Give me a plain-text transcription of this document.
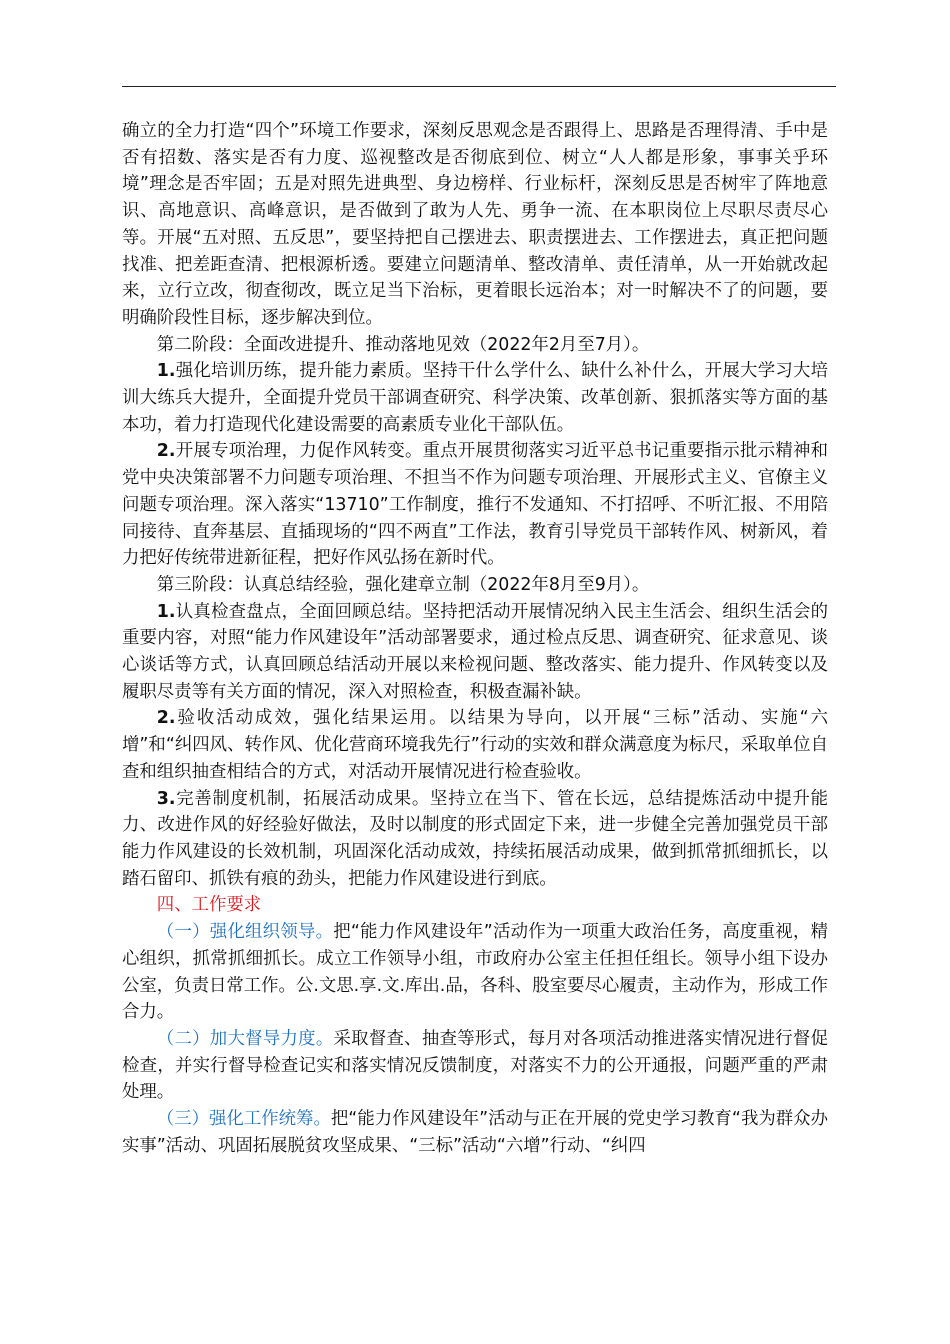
确立的全力打造“四个”环境工作要求，深刻反思观念是否跟得上、思路是否理得清、手中是否有招数、落实是否有力度、巡视整改是否彻底到位、树立“人人都是形象，事事关乎环境”理念是否牢固；五是对照先进典型、身边榜样、行业标杆，深刻反思是否树牢了阵地意识、高地意识、高峰意识，是否做到了敢为人先、勇争一流、在本职岗位上尽职尽责尽心等。开展“五对照、五反思”，要坚持把自己摆进去、职责摆进去、工作摆进去，真正把问题找准、把差距查清、把根源析透。要建立问题清单、整改清单、责任清单，从一开始就改起来，立行立改，彻查彻改，既立足当下治标，更着眼长远治本；对一时解决不了的问题，要明确阶段性目标，逐步解决到位。

第二阶段：全面改进提升、推动落地见效（2022年2月至7月）。

1.强化培训历练，提升能力素质。坚持干什么学什么、缺什么补什么，开展大学习大培训大练兵大提升，全面提升党员干部调查研究、科学决策、改革创新、狠抓落实等方面的基本功，着力打造现代化建设需要的高素质专业化干部队伍。

2.开展专项治理，力促作风转变。重点开展贯彻落实习近平总书记重要指示批示精神和党中央决策部署不力问题专项治理、不担当不作为问题专项治理、开展形式主义、官僚主义问题专项治理。深入落实“13710”工作制度，推行不发通知、不打招呼、不听汇报、不用陪同接待、直奔基层、直插现场的“四不两直”工作法，教育引导党员干部转作风、树新风，着力把好传统带进新征程，把好作风弘扬在新时代。

第三阶段：认真总结经验，强化建章立制（2022年8月至9月）。

1.认真检查盘点，全面回顾总结。坚持把活动开展情况纳入民主生活会、组织生活会的重要内容，对照“能力作风建设年”活动部署要求，通过检点反思、调查研究、征求意见、谈心谈话等方式，认真回顾总结活动开展以来检视问题、整改落实、能力提升、作风转变以及履职尽责等有关方面的情况，深入对照检查，积极查漏补缺。

2.验收活动成效，强化结果运用。以结果为导向，以开展“三标”活动、实施“六增”和“纠四风、转作风、优化营商环境我先行”行动的实效和群众满意度为标尺，采取单位自查和组织抽查相结合的方式，对活动开展情况进行检查验收。

3.完善制度机制，拓展活动成果。坚持立在当下、管在长远，总结提炼活动中提升能力、改进作风的好经验好做法，及时以制度的形式固定下来，进一步健全完善加强党员干部能力作风建设的长效机制，巩固深化活动成效，持续拓展活动成果，做到抓常抓细抓长，以踏石留印、抓铁有痕的劲头，把能力作风建设进行到底。

四、工作要求

（一）强化组织领导。把“能力作风建设年”活动作为一项重大政治任务，高度重视，精心组织，抓常抓细抓长。成立工作领导小组，市政府办公室主任担任组长。领导小组下设办公室，负责日常工作。公.文思.享.文.库出.品，各科、股室要尽心履责，主动作为，形成工作合力。

（二）加大督导力度。采取督查、抽查等形式，每月对各项活动推进落实情况进行督促检查，并实行督导检查记实和落实情况反馈制度，对落实不力的公开通报，问题严重的严肃处理。

（三）强化工作统筹。把“能力作风建设年”活动与正在开展的党史学习教育“我为群众办实事”活动、巩固拓展脱贫攻坚成果、“三标”活动“六增”行动、“纠四
